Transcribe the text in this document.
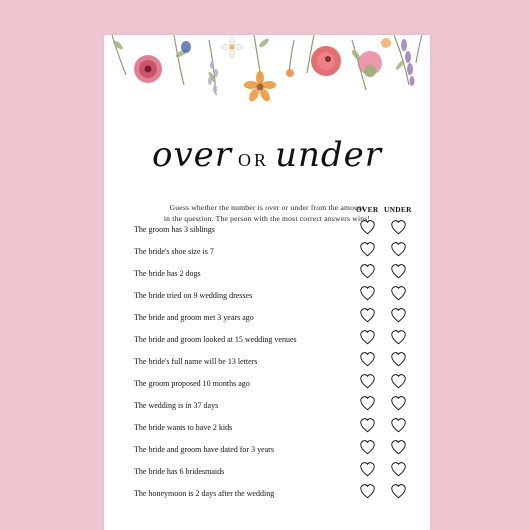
over OR under

Guess whether the number is over or under from the amount

in the question. The person with the most correct answers wins!

OVER UNDER
The groom has 3 siblings
The bride's shoe size is 7
The bride has 2 dogs
The bride tried on 9 wedding dresses
The bride and groom met 3 years ago
The bride and groom looked at 15 wedding venues
The bride's full name will be 13 letters
The groom proposed 10 months ago
The wedding is in 37 days
The bride wants to have 2 kids
The bride and groom have dated for 3 years
The bride has 6 bridesmaids
The honeymoon is 2 days after the wedding
